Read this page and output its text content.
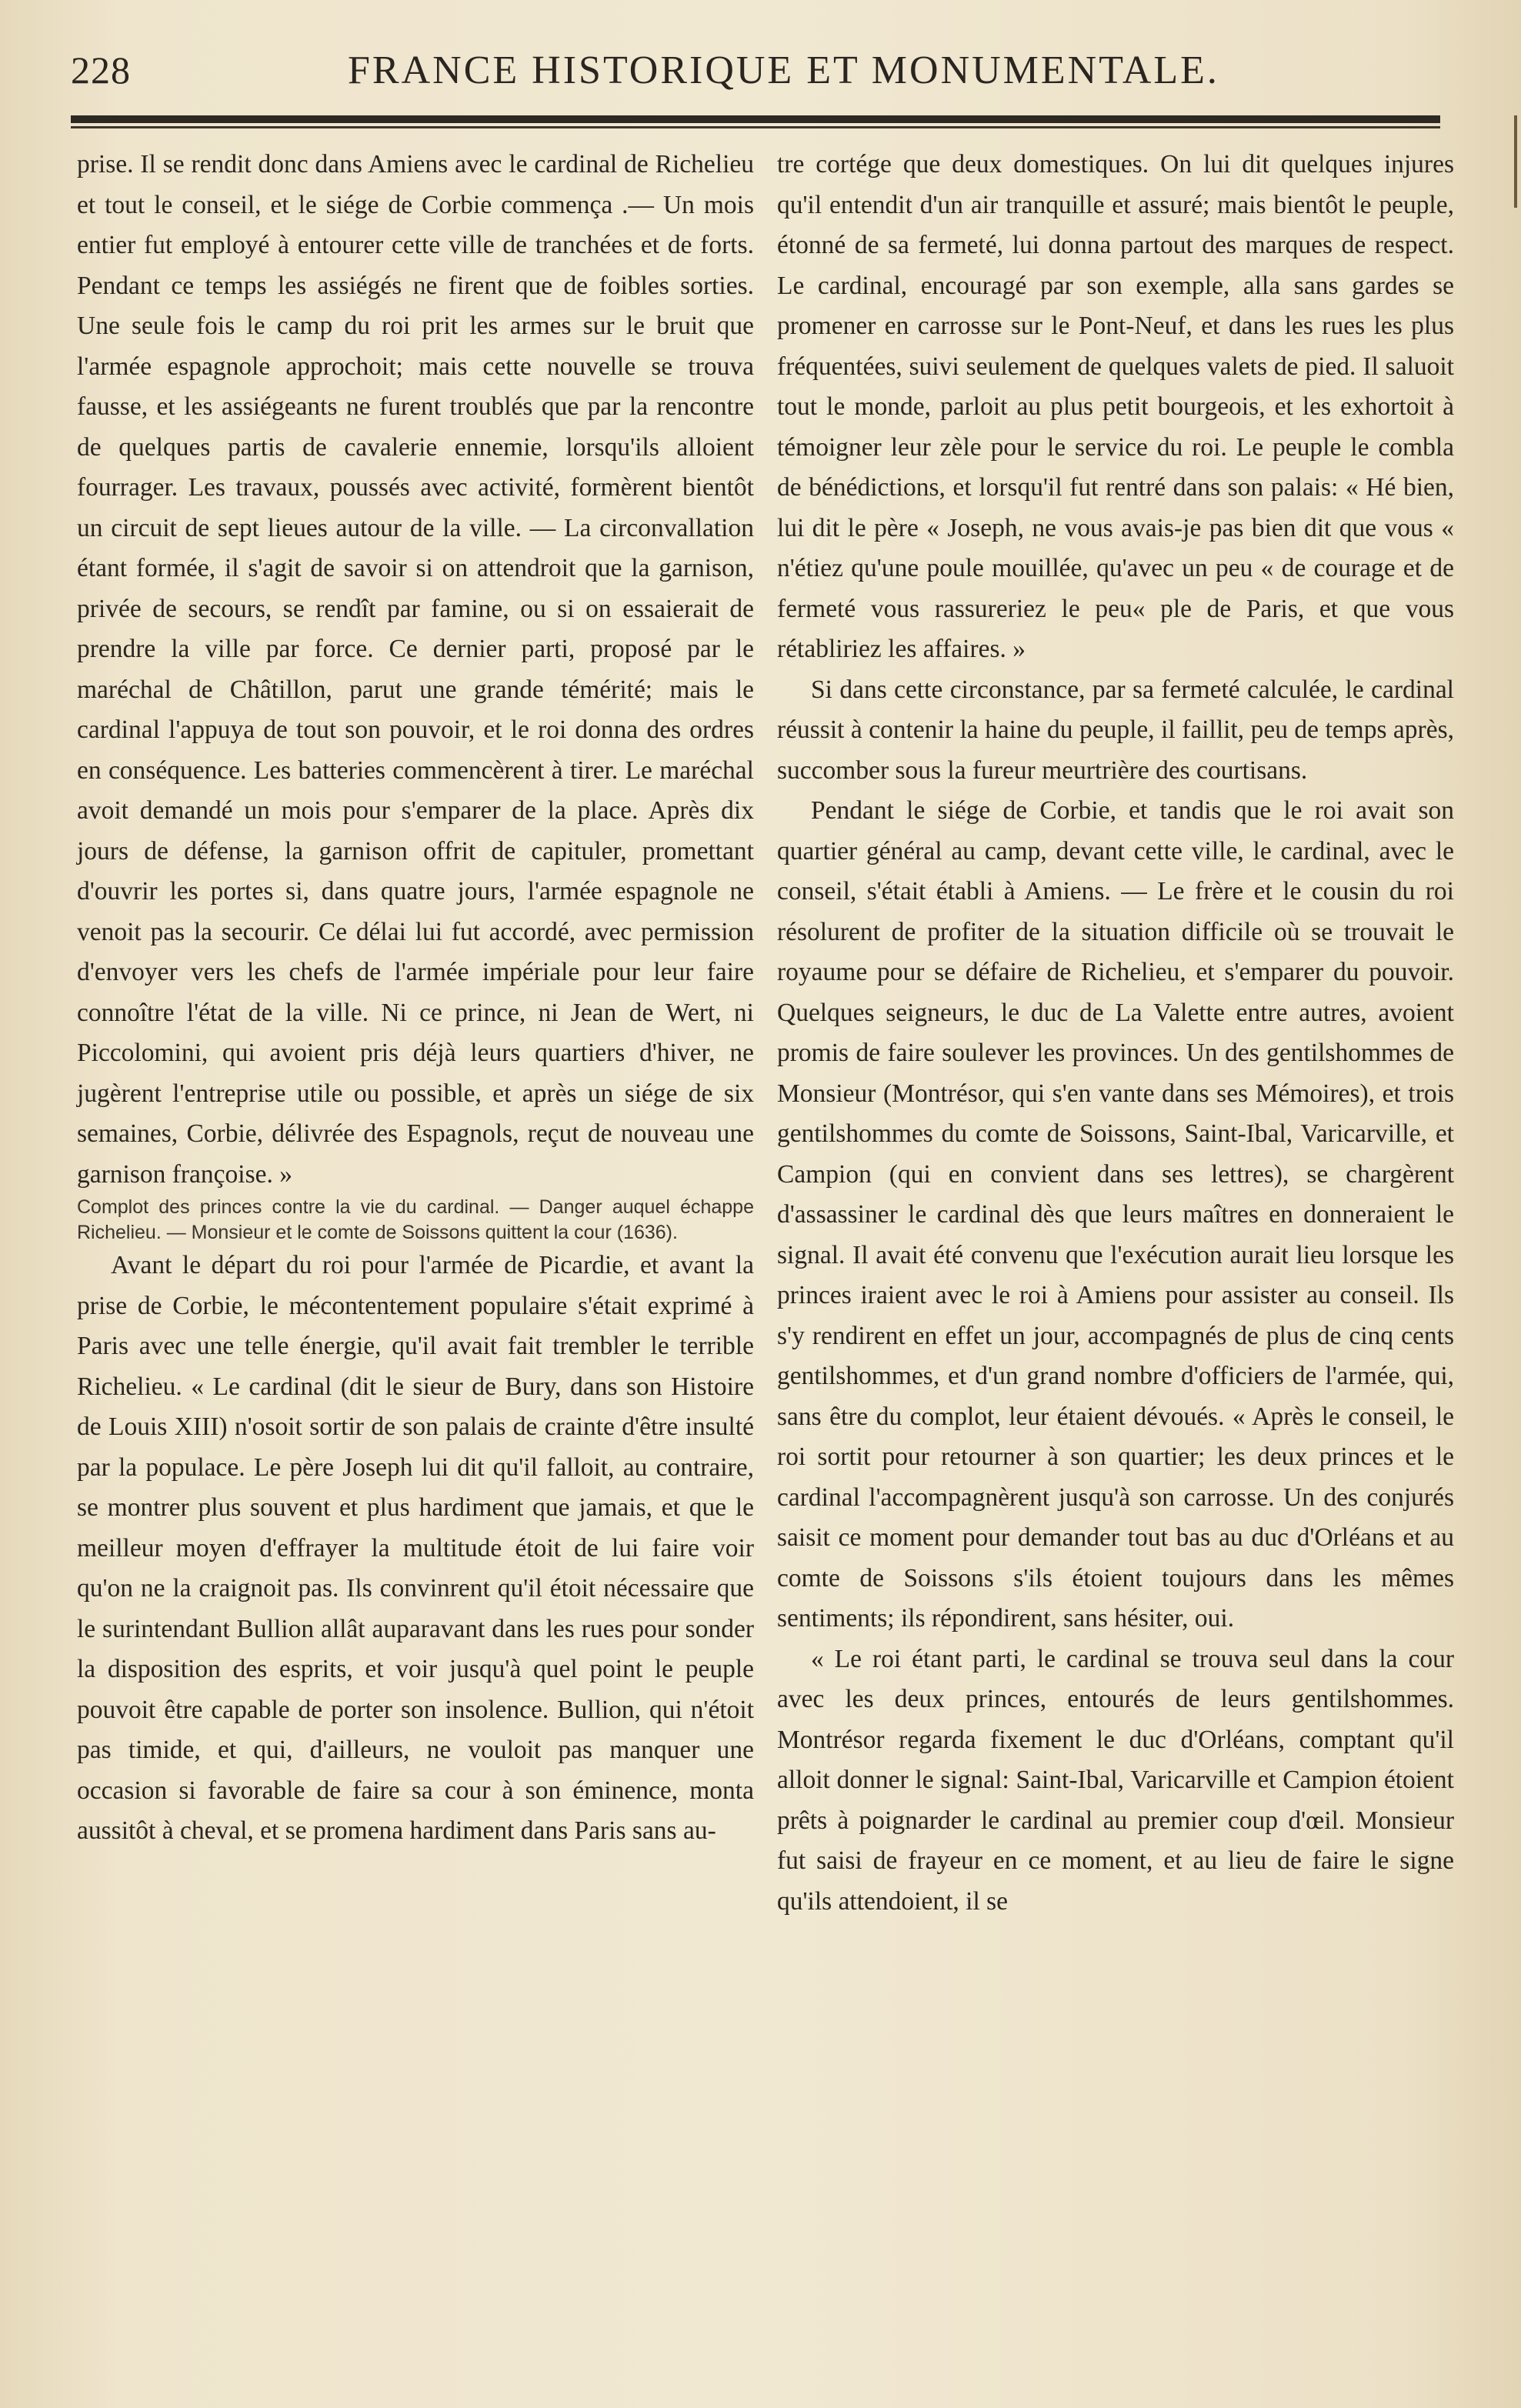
228	FRANCE HISTORIQUE ET MONUMENTALE.

prise. Il se rendit donc dans Amiens avec le cardinal de Richelieu et tout le conseil, et le siége de Corbie commença .— Un mois entier fut employé à entourer cette ville de tranchées et de forts. Pendant ce temps les assiégés ne firent que de foibles sorties. Une seule fois le camp du roi prit les armes sur le bruit que l'armée espagnole approchoit; mais cette nouvelle se trouva fausse, et les assiégeants ne furent troublés que par la rencontre de quelques partis de cavalerie ennemie, lorsqu'ils alloient fourrager. Les travaux, poussés avec activité, formèrent bientôt un circuit de sept lieues autour de la ville. — La circonvallation étant formée, il s'agit de savoir si on attendroit que la garnison, privée de secours, se rendît par famine, ou si on essaierait de prendre la ville par force. Ce dernier parti, proposé par le maréchal de Châtillon, parut une grande témérité; mais le cardinal l'appuya de tout son pouvoir, et le roi donna des ordres en conséquence. Les batteries commencèrent à tirer. Le maréchal avoit demandé un mois pour s'emparer de la place. Après dix jours de défense, la garnison offrit de capituler, promettant d'ouvrir les portes si, dans quatre jours, l'armée espagnole ne venoit pas la secourir. Ce délai lui fut accordé, avec permission d'envoyer vers les chefs de l'armée impériale pour leur faire connoître l'état de la ville. Ni ce prince, ni Jean de Wert, ni Piccolomini, qui avoient pris déjà leurs quartiers d'hiver, ne jugèrent l'entreprise utile ou possible, et après un siége de six semaines, Corbie, délivrée des Espagnols, reçut de nouveau une garnison françoise. »

Complot des princes contre la vie du cardinal. — Danger auquel échappe Richelieu. — Monsieur et le comte de Soissons quittent la cour (1636).

Avant le départ du roi pour l'armée de Picardie, et avant la prise de Corbie, le mécontentement populaire s'était exprimé à Paris avec une telle énergie, qu'il avait fait trembler le terrible Richelieu. « Le cardinal (dit le sieur de Bury, dans son Histoire de Louis XIII) n'osoit sortir de son palais de crainte d'être insulté par la populace. Le père Joseph lui dit qu'il falloit, au contraire, se montrer plus souvent et plus hardiment que jamais, et que le meilleur moyen d'effrayer la multitude étoit de lui faire voir qu'on ne la craignoit pas. Ils convinrent qu'il étoit nécessaire que le surintendant Bullion allât auparavant dans les rues pour sonder la disposition des esprits, et voir jusqu'à quel point le peuple pouvoit être capable de porter son insolence. Bullion, qui n'étoit pas timide, et qui, d'ailleurs, ne vouloit pas manquer une occasion si favorable de faire sa cour à son éminence, monta aussitôt à cheval, et se promena hardiment dans Paris sans au-

tre cortége que deux domestiques. On lui dit quelques injures qu'il entendit d'un air tranquille et assuré; mais bientôt le peuple, étonné de sa fermeté, lui donna partout des marques de respect. Le cardinal, encouragé par son exemple, alla sans gardes se promener en carrosse sur le Pont-Neuf, et dans les rues les plus fréquentées, suivi seulement de quelques valets de pied. Il saluoit tout le monde, parloit au plus petit bourgeois, et les exhortoit à témoigner leur zèle pour le service du roi. Le peuple le combla de bénédictions, et lorsqu'il fut rentré dans son palais: « Hé bien, lui dit le père « Joseph, ne vous avais-je pas bien dit que vous « n'étiez qu'une poule mouillée, qu'avec un peu « de courage et de fermeté vous rassureriez le peu« ple de Paris, et que vous rétabliriez les affaires. »

Si dans cette circonstance, par sa fermeté calculée, le cardinal réussit à contenir la haine du peuple, il faillit, peu de temps après, succomber sous la fureur meurtrière des courtisans.

Pendant le siége de Corbie, et tandis que le roi avait son quartier général au camp, devant cette ville, le cardinal, avec le conseil, s'était établi à Amiens. — Le frère et le cousin du roi résolurent de profiter de la situation difficile où se trouvait le royaume pour se défaire de Richelieu, et s'emparer du pouvoir. Quelques seigneurs, le duc de La Valette entre autres, avoient promis de faire soulever les provinces. Un des gentilshommes de Monsieur (Montrésor, qui s'en vante dans ses Mémoires), et trois gentilshommes du comte de Soissons, Saint-Ibal, Varicarville, et Campion (qui en convient dans ses lettres), se chargèrent d'assassiner le cardinal dès que leurs maîtres en donneraient le signal. Il avait été convenu que l'exécution aurait lieu lorsque les princes iraient avec le roi à Amiens pour assister au conseil. Ils s'y rendirent en effet un jour, accompagnés de plus de cinq cents gentilshommes, et d'un grand nombre d'officiers de l'armée, qui, sans être du complot, leur étaient dévoués. « Après le conseil, le roi sortit pour retourner à son quartier; les deux princes et le cardinal l'accompagnèrent jusqu'à son carrosse. Un des conjurés saisit ce moment pour demander tout bas au duc d'Orléans et au comte de Soissons s'ils étoient toujours dans les mêmes sentiments; ils répondirent, sans hésiter, oui.

« Le roi étant parti, le cardinal se trouva seul dans la cour avec les deux princes, entourés de leurs gentilshommes. Montrésor regarda fixement le duc d'Orléans, comptant qu'il alloit donner le signal: Saint-Ibal, Varicarville et Campion étoient prêts à poignarder le cardinal au premier coup d'œil. Monsieur fut saisi de frayeur en ce moment, et au lieu de faire le signe qu'ils attendoient, il se
